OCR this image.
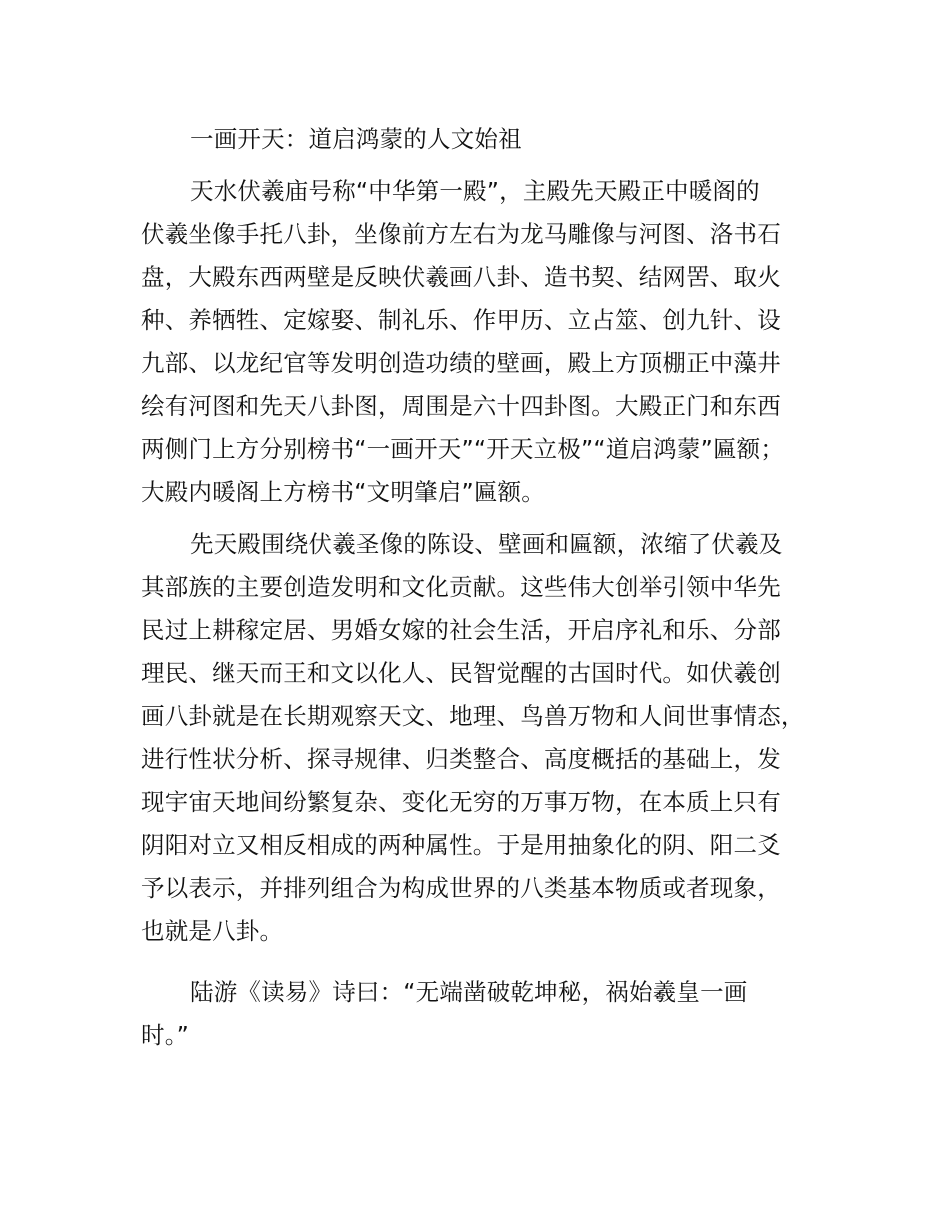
一画开天：道启鸿蒙的人文始祖
天水伏羲庙号称“中华第一殿”，主殿先天殿正中暖阁的
伏羲坐像手托八卦，坐像前方左右为龙马雕像与河图、洛书石
盘，大殿东西两壁是反映伏羲画八卦、造书契、结网罟、取火
种、养牺牲、定嫁娶、制礼乐、作甲历、立占筮、创九针、设
九部、以龙纪官等发明创造功绩的壁画，殿上方顶棚正中藻井
绘有河图和先天八卦图，周围是六十四卦图。大殿正门和东西
两侧门上方分别榜书“一画开天”“开天立极”“道启鸿蒙”匾额；
大殿内暖阁上方榜书“文明肇启”匾额。
先天殿围绕伏羲圣像的陈设、壁画和匾额，浓缩了伏羲及
其部族的主要创造发明和文化贡献。这些伟大创举引领中华先
民过上耕稼定居、男婚女嫁的社会生活，开启序礼和乐、分部
理民、继天而王和文以化人、民智觉醒的古国时代。如伏羲创
画八卦就是在长期观察天文、地理、鸟兽万物和人间世事情态，
进行性状分析、探寻规律、归类整合、高度概括的基础上，发
现宇宙天地间纷繁复杂、变化无穷的万事万物，在本质上只有
阴阳对立又相反相成的两种属性。于是用抽象化的阴、阳二爻
予以表示，并排列组合为构成世界的八类基本物质或者现象，
也就是八卦。
陆游《读易》诗曰：“无端凿破乾坤秘，祸始羲皇一画
时。”
